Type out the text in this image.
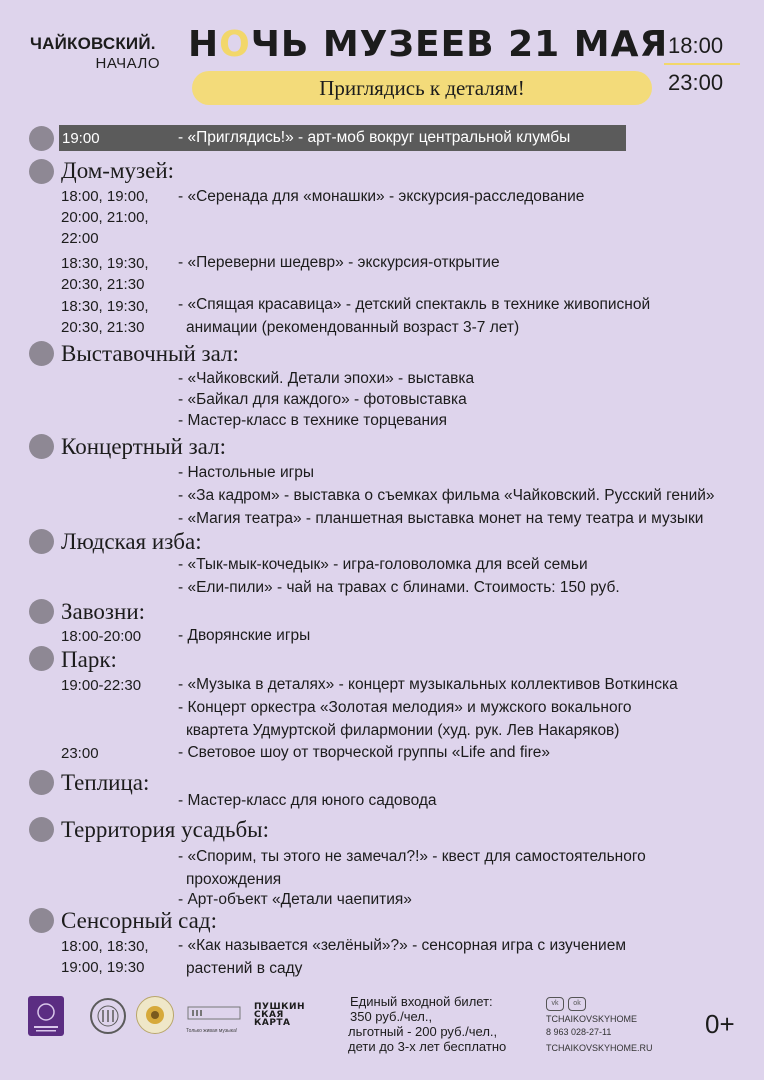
ЧАЙКОВСКИЙ.
НАЧАЛО НОЧЬ МУЗЕЕВ 21 МАЯ 18:00
23:00
Приглядись к деталям!
19:00	- «Приглядись!» - арт-моб вокруг центральной клумбы
Дом-музей:
18:00, 19:00,
20:00, 21:00,
22:00
- «Серенада для «монашки» - экскурсия-расследование
18:30, 19:30,
20:30, 21:30
- «Переверни шедевр» - экскурсия-открытие
18:30, 19:30,
20:30, 21:30
- «Спящая красавица» - детский спектакль в технике живописной
анимации (рекомендованный возраст 3-7 лет)
Выставочный зал:
- «Чайковский. Детали эпохи» - выставка
- «Байкал для каждого» - фотовыставка
- Мастер-класс в технике торцевания
Концертный зал:
- Настольные игры
- «За кадром» - выставка о съемках фильма «Чайковский. Русский гений»
- «Магия театра» - планшетная выставка монет на тему театра и музыки
Людская изба:
- «Тык-мык-кочедык» - игра-головоломка для всей семьи
- «Ели-пили» - чай на травах с блинами. Стоимость: 150 руб.
Завозни:
18:00-20:00 - Дворянские игры
Парк:
19:00-22:30 - «Музыка в деталях» - концерт музыкальных коллективов Воткинска
- Концерт оркестра «Золотая мелодия» и мужского вокального
квартета Удмуртской филармонии (худ. рук. Лев Накаряков)
23:00	- Световое шоу от творческой группы «Life and fire»
Теплица:
- Мастер-класс для юного садовода
Территория усадьбы:
- «Спорим, ты этого не замечал?!» - квест для самостоятельного
прохождения
- Арт-объект «Детали чаепития»
Сенсорный сад:
18:00, 18:30,
19:00, 19:30
- «Как называется «зелёный»?» - сенсорная игра с изучением
растений в саду
Только живая музыка!
ПУШКИН
СКАЯ
КАРТА
Единый входной билет:
350 руб./чел.,
льготный - 200 руб./чел.,
дети до 3-х лет бесплатно
vk ok
TCHAIKOVSKYHOME
8 963 028-27-11
TCHAIKOVSKYHOME.RU
0+
